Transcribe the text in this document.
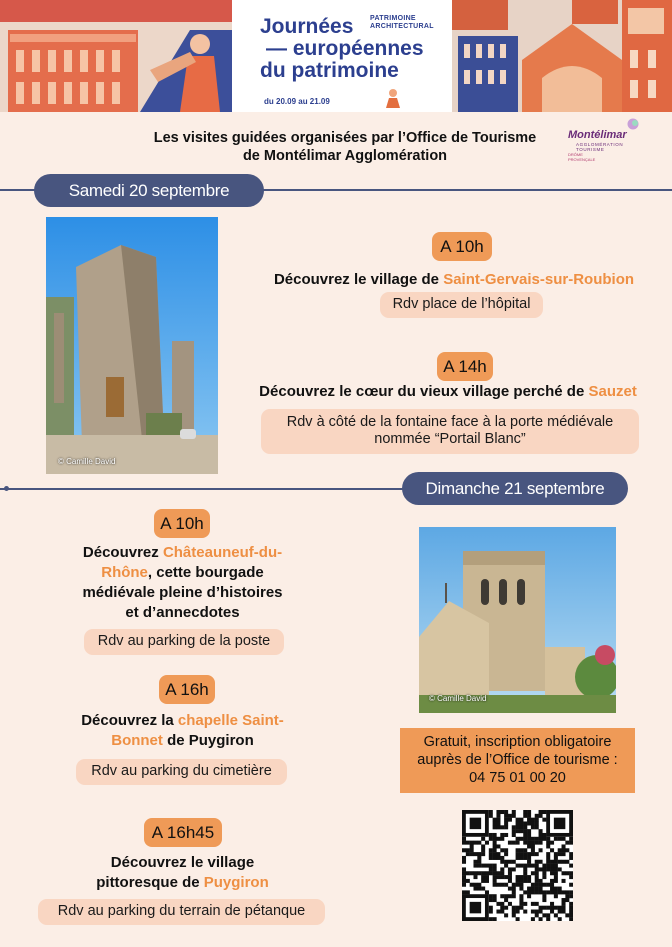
Journées
— européennes
du patrimoine
PATRIMOINE
ARCHITECTURAL
du 20.09 au 21.09
Les visites guidées organisées par l’Office de Tourisme
de Montélimar Agglomération
Montélimar
AGGLOMÉRATION TOURISME
DRÔME
PROVENÇALE
Samedi 20 septembre
© Camille David
A 10h
Découvrez le village de Saint-Gervais-sur-Roubion
Rdv place de l’hôpital
A 14h
Découvrez le cœur du vieux village perché de Sauzet
Rdv à côté de la fontaine face à la porte médiévale
nommée “Portail Blanc”
Dimanche 21 septembre
© Camille David
A 10h
Découvrez Châteauneuf-du-
Rhône, cette bourgade
médiévale pleine d’histoires
et d’annecdotes
Rdv au parking de la poste
A 16h
Découvrez la chapelle Saint-
Bonnet de Puygiron
Rdv au parking du cimetière
A 16h45
Découvrez le village
pittoresque de Puygiron
Rdv au parking du terrain de pétanque
Gratuit, inscription obligatoire
auprès de l’Office de tourisme :
04 75 01 00 20
